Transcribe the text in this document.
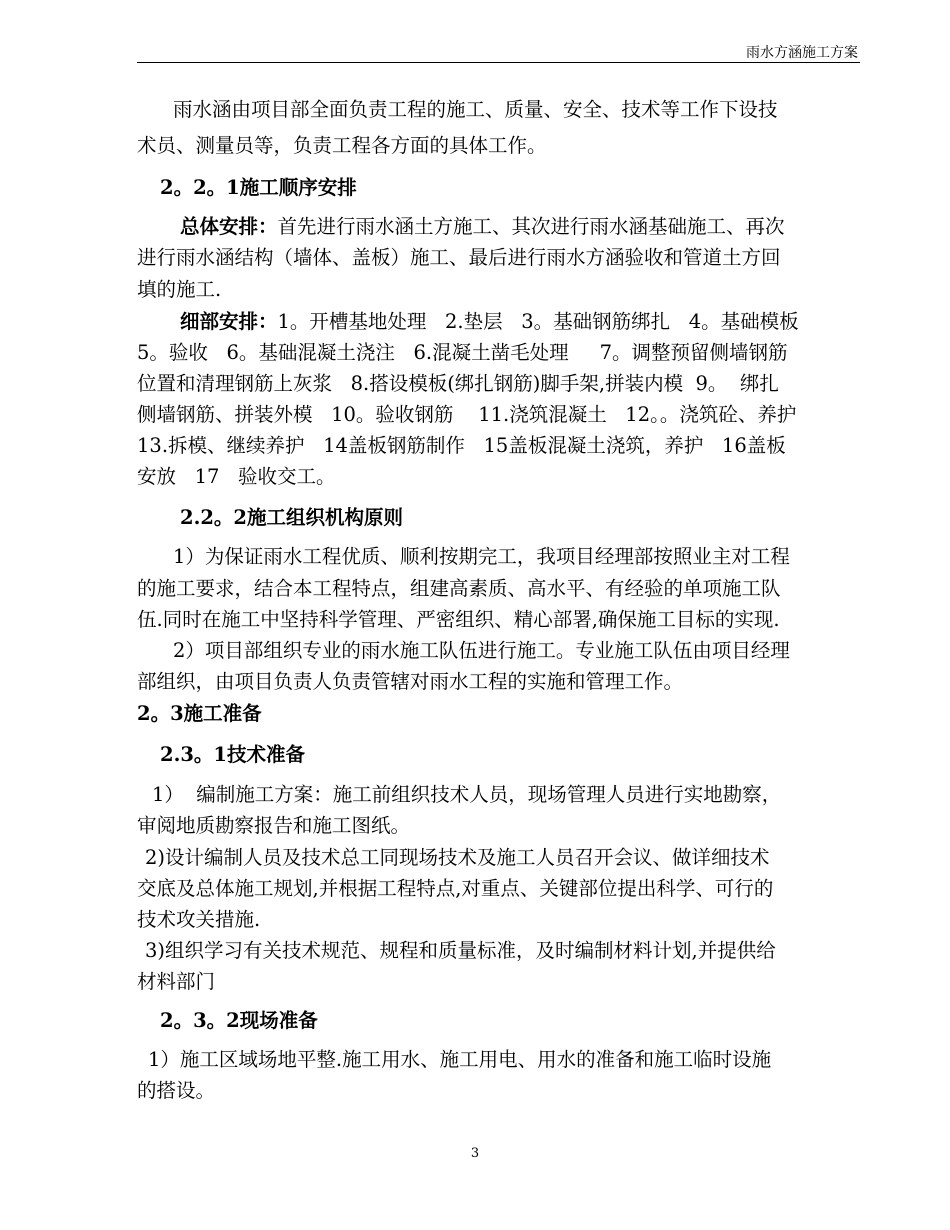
雨水方涵施工方案
雨水涵由项目部全面负责工程的施工、质量、安全、技术等工作下设技
术员、测量员等，负责工程各方面的具体工作。
2。2。1施工顺序安排
总体安排：首先进行雨水涵土方施工、其次进行雨水涵基础施工、再次
进行雨水涵结构（墙体、盖板）施工、最后进行雨水方涵验收和管道土方回
填的施工.
细部安排：1。开槽基地处理   2.垫层   3。基础钢筋绑扎   4。基础模板
5。验收   6。基础混凝土浇注   6.混凝土凿毛处理     7。调整预留侧墙钢筋
位置和清理钢筋上灰浆   8.搭设模板(绑扎钢筋)脚手架,拼装内模  9。  绑扎
侧墙钢筋、拼装外模   10。验收钢筋    11.浇筑混凝土   12。。浇筑砼、养护
13.拆模、继续养护   14盖板钢筋制作   15盖板混凝土浇筑，养护   16盖板
安放   17   验收交工。
2.2。2施工组织机构原则
1）为保证雨水工程优质、顺利按期完工，我项目经理部按照业主对工程
的施工要求，结合本工程特点，组建高素质、高水平、有经验的单项施工队
伍.同时在施工中坚持科学管理、严密组织、精心部署,确保施工目标的实现.
2）项目部组织专业的雨水施工队伍进行施工。专业施工队伍由项目经理
部组织，由项目负责人负责管辖对雨水工程的实施和管理工作。
2。3施工准备
2.3。1技术准备
1）  编制施工方案：施工前组织技术人员，现场管理人员进行实地勘察，
审阅地质勘察报告和施工图纸。
2)设计编制人员及技术总工同现场技术及施工人员召开会议、做详细技术
交底及总体施工规划,并根据工程特点,对重点、关键部位提出科学、可行的
技术攻关措施.
3)组织学习有关技术规范、规程和质量标准，及时编制材料计划,并提供给
材料部门
2。3。2现场准备
1）施工区域场地平整.施工用水、施工用电、用水的准备和施工临时设施
的搭设。
3
